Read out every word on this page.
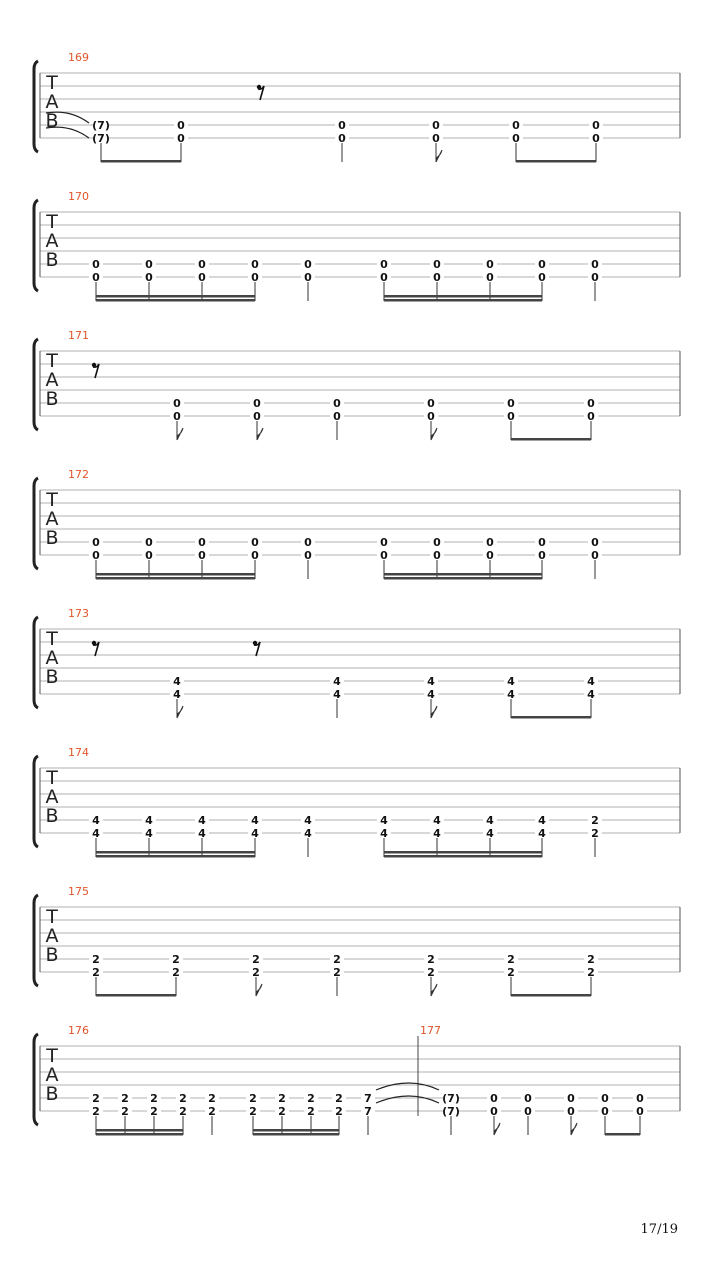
T
A
B
169
(7)
(7)
0
0
0
0
0
0
0
0
0
0
T
A
B
170
0
0
0
0
0
0
0
0
0
0
0
0
0
0
0
0
0
0
0
0
T
A
B
171
0
0
0
0
0
0
0
0
0
0
0
0
T
A
B
172
0
0
0
0
0
0
0
0
0
0
0
0
0
0
0
0
0
0
0
0
T
A
B
173
4
4
4
4
4
4
4
4
4
4
T
A
B
174
4
4
4
4
4
4
4
4
4
4
4
4
4
4
4
4
4
4
2
2
T
A
B
175
2
2
2
2
2
2
2
2
2
2
2
2
2
2
T
A
B
176
2
2
2
2
2
2
2
2
2
2
2
2
2
2
2
2
2
2
7
7
177
(7)
(7)
0
0
0
0
0
0
0
0
0
0
17/19
